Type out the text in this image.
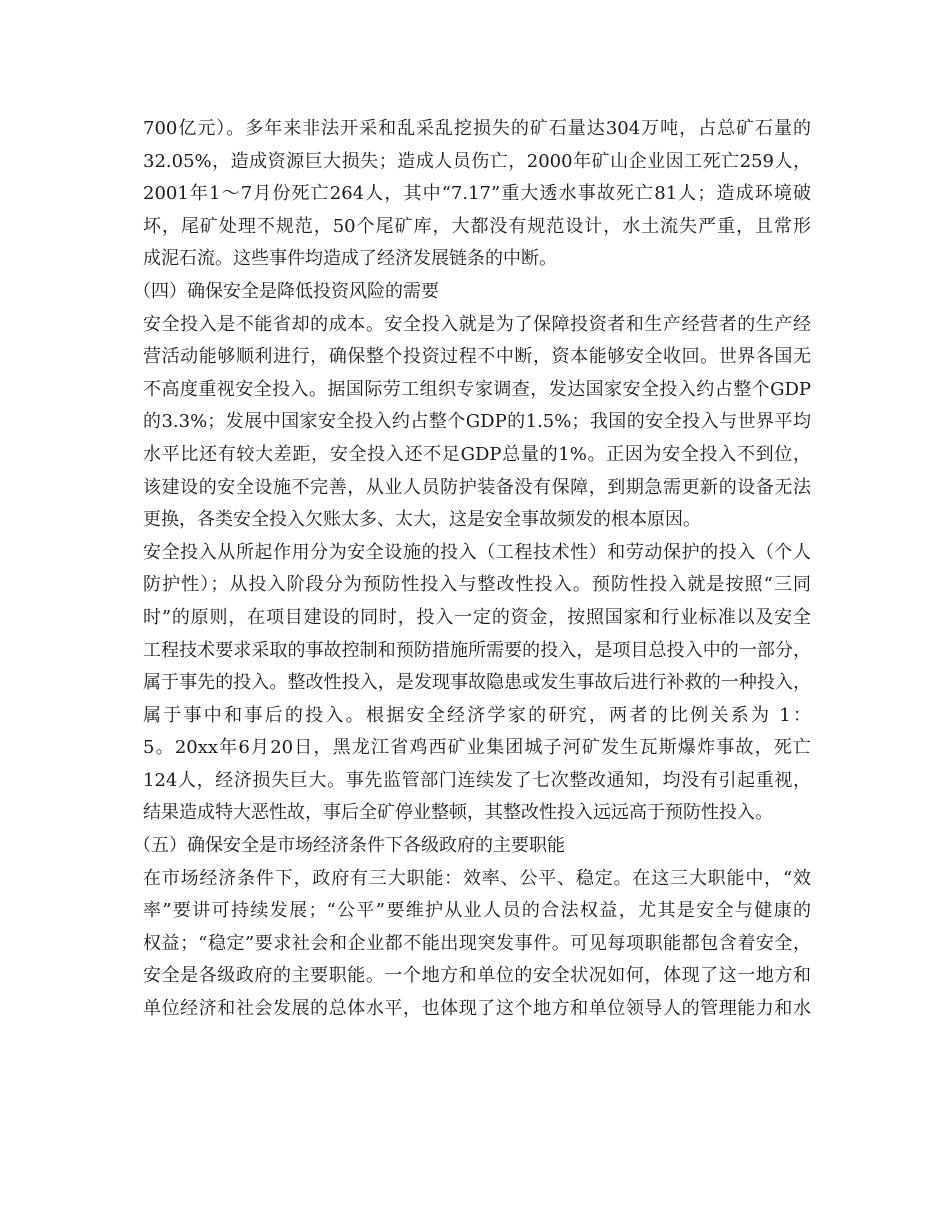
700亿元）。多年来非法开采和乱采乱挖损失的矿石量达304万吨，占总矿石量的
32.05%，造成资源巨大损失；造成人员伤亡，2000年矿山企业因工死亡259人，
2001年1～7月份死亡264人，其中“7.17”重大透水事故死亡81人；造成环境破
坏，尾矿处理不规范，50个尾矿库，大都没有规范设计，水土流失严重，且常形
成泥石流。这些事件均造成了经济发展链条的中断。
（四）确保安全是降低投资风险的需要
安全投入是不能省却的成本。安全投入就是为了保障投资者和生产经营者的生产经
营活动能够顺利进行，确保整个投资过程不中断，资本能够安全收回。世界各国无
不高度重视安全投入。据国际劳工组织专家调查，发达国家安全投入约占整个GDP
的3.3%；发展中国家安全投入约占整个GDP的1.5%；我国的安全投入与世界平均
水平比还有较大差距，安全投入还不足GDP总量的1%。正因为安全投入不到位，
该建设的安全设施不完善，从业人员防护装备没有保障，到期急需更新的设备无法
更换，各类安全投入欠账太多、太大，这是安全事故频发的根本原因。
安全投入从所起作用分为安全设施的投入（工程技术性）和劳动保护的投入（个人
防护性）；从投入阶段分为预防性投入与整改性投入。预防性投入就是按照“三同
时”的原则，在项目建设的同时，投入一定的资金，按照国家和行业标准以及安全
工程技术要求采取的事故控制和预防措施所需要的投入，是项目总投入中的一部分，
属于事先的投入。整改性投入，是发现事故隐患或发生事故后进行补救的一种投入，
属于事中和事后的投入。根据安全经济学家的研究，两者的比例关系为 1：
5。20xx年6月20日，黑龙江省鸡西矿业集团城子河矿发生瓦斯爆炸事故，死亡
124人，经济损失巨大。事先监管部门连续发了七次整改通知，均没有引起重视，
结果造成特大恶性故，事后全矿停业整顿，其整改性投入远远高于预防性投入。
（五）确保安全是市场经济条件下各级政府的主要职能
在市场经济条件下，政府有三大职能：效率、公平、稳定。在这三大职能中，“效
率”要讲可持续发展；“公平”要维护从业人员的合法权益，尤其是安全与健康的
权益；“稳定”要求社会和企业都不能出现突发事件。可见每项职能都包含着安全，
安全是各级政府的主要职能。一个地方和单位的安全状况如何，体现了这一地方和
单位经济和社会发展的总体水平，也体现了这个地方和单位领导人的管理能力和水
